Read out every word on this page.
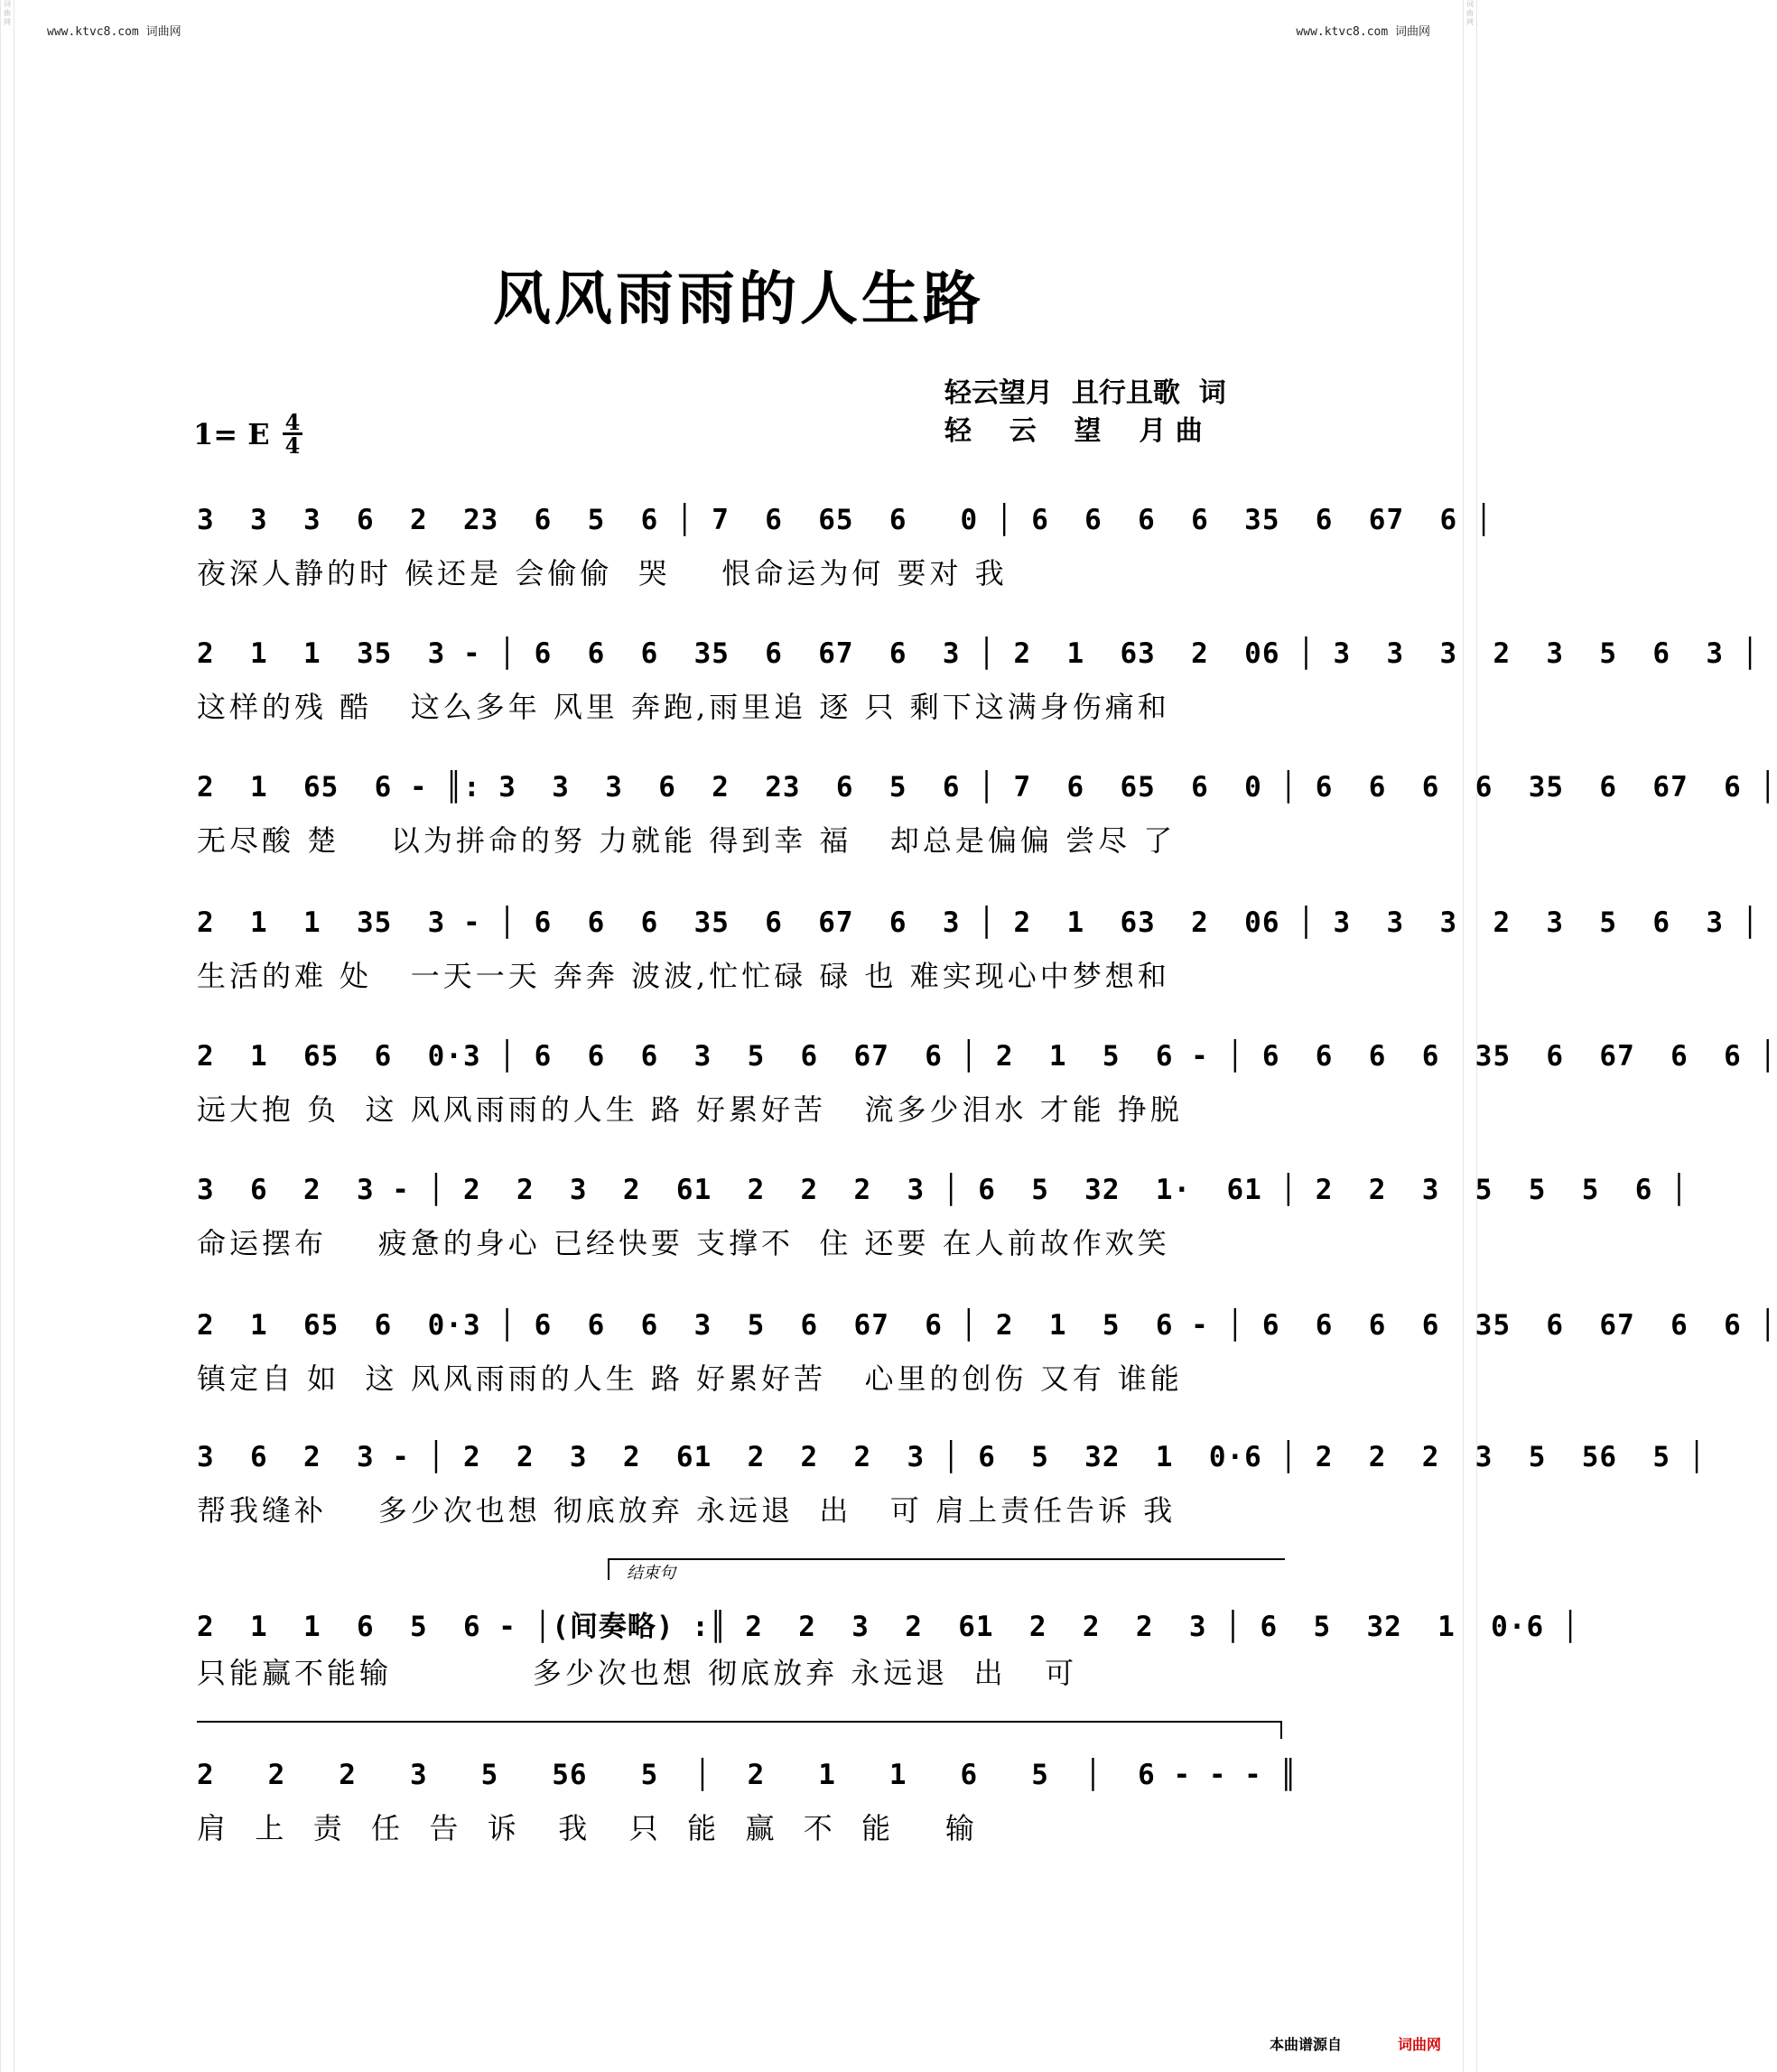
词曲网
词曲网
www.ktvc8.com 词曲网	www.ktvc8.com 词曲网
风风雨雨的人生路
轻云望月  且行且歌  词
轻    云    望    月 曲
1= E 4
4
3  3  3  6  2  23  6  5  6 │ 7  6  65  6   0 │ 6  6  6  6  35  6  67  6 │
夜深人静的时 候还是 会偷偷  哭    恨命运为何 要对 我
2  1  1  35  3 - │ 6  6  6  35  6  67  6  3 │ 2  1  63  2  06 │ 3  3  3  2  3  5  6  3 │
这样的残 酷   这么多年 风里 奔跑,雨里追 逐 只 剩下这满身伤痛和
2  1  65  6 - ║: 3  3  3  6  2  23  6  5  6 │ 7  6  65  6  0 │ 6  6  6  6  35  6  67  6 │
无尽酸 楚    以为拼命的努 力就能 得到幸 福   却总是偏偏 尝尽 了
2  1  1  35  3 - │ 6  6  6  35  6  67  6  3 │ 2  1  63  2  06 │ 3  3  3  2  3  5  6  3 │
生活的难 处   一天一天 奔奔 波波,忙忙碌 碌 也 难实现心中梦想和
2  1  65  6  0·3 │ 6  6  6  3  5  6  67  6 │ 2  1  5  6 - │ 6  6  6  6  35  6  67  6  6 │
远大抱 负  这 风风雨雨的人生 路 好累好苦   流多少泪水 才能 挣脱
3  6  2  3 - │ 2  2  3  2  61  2  2  2  3 │ 6  5  32  1·  61 │ 2  2  3  5  5  5  6 │
命运摆布    疲惫的身心 已经快要 支撑不  住 还要 在人前故作欢笑
2  1  65  6  0·3 │ 6  6  6  3  5  6  67  6 │ 2  1  5  6 - │ 6  6  6  6  35  6  67  6  6 │
镇定自 如  这 风风雨雨的人生 路 好累好苦   心里的创伤 又有 谁能
3  6  2  3 - │ 2  2  3  2  61  2  2  2  3 │ 6  5  32  1  0·6 │ 2  2  2  3  5  56  5 │
帮我缝补    多少次也想 彻底放弃 永远退  出   可 肩上责任告诉 我
结束句
2  1  1  6  5  6 - │(间奏略) :║ 2  2  3  2  61  2  2  2  3 │ 6  5  32  1  0·6 │
只能赢不能输           多少次也想 彻底放弃 永远退  出   可
2   2   2   3   5   56   5  │  2   1   1   6   5  │  6 - - - ║
肩  上  责  任  告  诉   我   只  能  赢  不  能    输
本曲谱源自	词曲网
